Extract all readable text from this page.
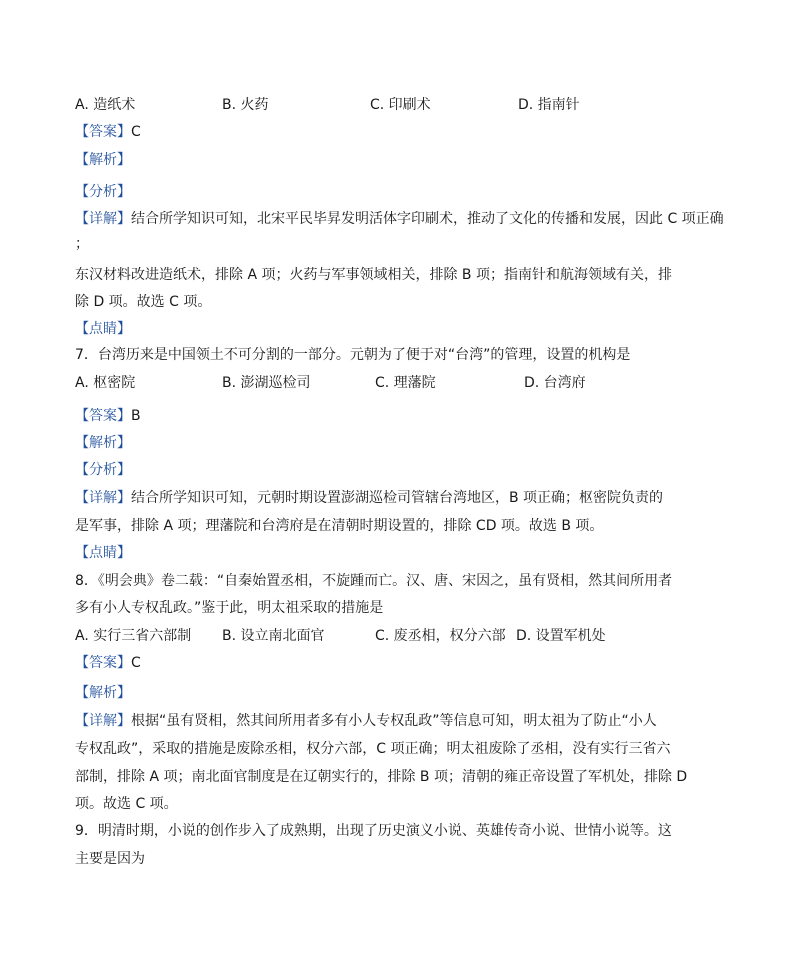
A. 造纸术	B. 火药	C. 印刷术	D. 指南针
【答案】C
【解析】
【分析】
【详解】结合所学知识可知，北宋平民毕昇发明活体字印刷术，推动了文化的传播和发展，因此 C 项正确
；
东汉材料改进造纸术，排除 A 项；火药与军事领域相关，排除 B 项；指南针和航海领域有关，排
除 D 项。故选 C 项。
【点睛】
7．台湾历来是中国领土不可分割的一部分。元朝为了便于对“台湾”的管理，设置的机构是
A. 枢密院	B. 澎湖巡检司	C. 理藩院	D. 台湾府
【答案】B
【解析】
【分析】
【详解】结合所学知识可知，元朝时期设置澎湖巡检司管辖台湾地区，B 项正确；枢密院负责的
是军事，排除 A 项；理藩院和台湾府是在清朝时期设置的，排除 CD 项。故选 B 项。
【点睛】
8．《明会典》卷二载：“自秦始置丞相，不旋踵而亡。汉、唐、宋因之，虽有贤相，然其间所用者
多有小人专权乱政。”鉴于此，明太祖采取的措施是
A. 实行三省六部制 B. 设立南北面官	C. 废丞相，权分六部 D. 设置军机处
【答案】C
【解析】
【详解】根据“虽有贤相，然其间所用者多有小人专权乱政”等信息可知，明太祖为了防止“小人
专权乱政”，采取的措施是废除丞相，权分六部，C 项正确；明太祖废除了丞相，没有实行三省六
部制，排除 A 项；南北面官制度是在辽朝实行的，排除 B 项；清朝的雍正帝设置了军机处，排除 D
项。故选 C 项。
9．明清时期，小说的创作步入了成熟期，出现了历史演义小说、英雄传奇小说、世情小说等。这
主要是因为
